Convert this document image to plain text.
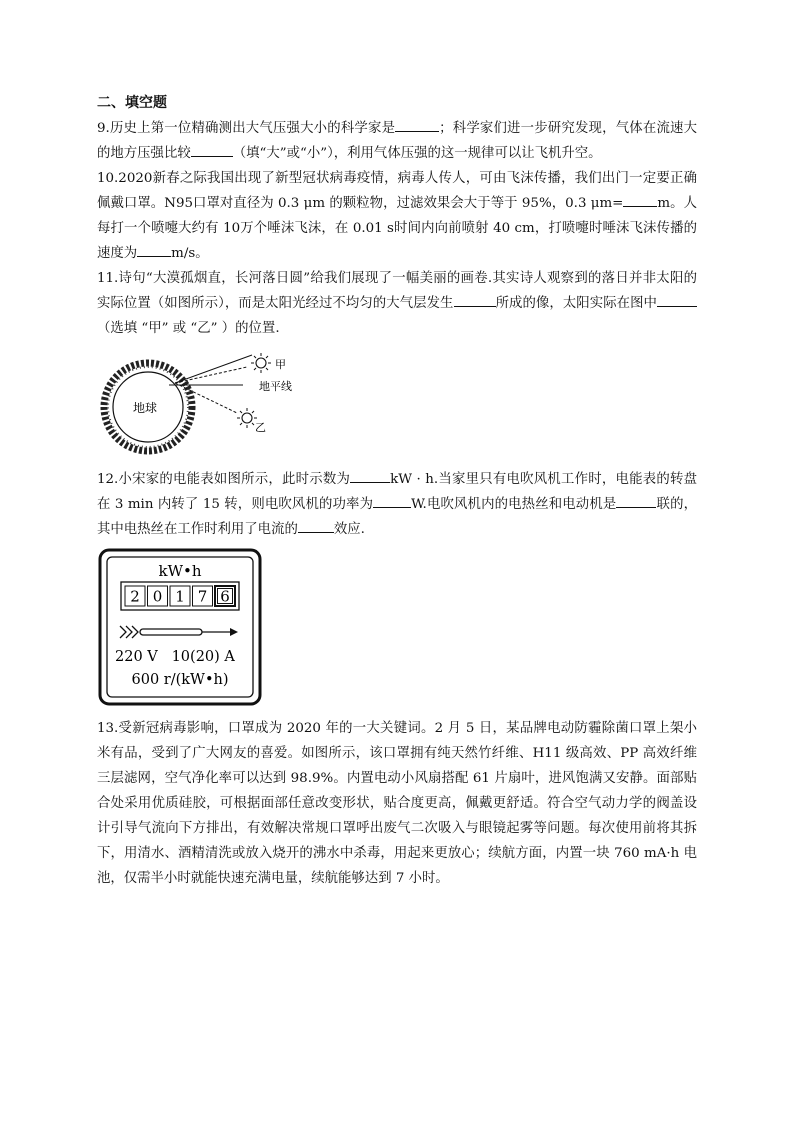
二、填空题

9.历史上第一位精确测出大气压强大小的科学家是	；科学家们进一步研究发现，气体在流速大的地方压强比较	（填“大”或“小”），利用气体压强的这一规律可以让飞机升空。

10.2020新春之际我国出现了新型冠状病毒疫情，病毒人传人，可由飞沫传播，我们出门一定要正确佩戴口罩。N95口罩对直径为 0.3 μm 的颗粒物，过滤效果会大于等于 95%，0.3 μm=	m。人每打一个喷嚏大约有 10万个唾沫飞沫，在 0.01 s时间内向前喷射 40 cm，打喷嚏时唾沫飞沫传播的速度为	m/s。

11.诗句“大漠孤烟直，长河落日圆”给我们展现了一幅美丽的画卷.其实诗人观察到的落日并非太阳的实际位置（如图所示），而是太阳光经过不均匀的大气层发生	所成的像，太阳实际在图中（选填 “甲” 或 “乙” ）的位置.

地球
甲
地平线
乙

12.小宋家的电能表如图所示，此时示数为	kW · h.当家里只有电吹风机工作时，电能表的转盘在 3 min 内转了 15 转，则电吹风机的功率为	W.电吹风机内的电热丝和电动机是	联的，其中电热丝在工作时利用了电流的	效应.

kW•h
2 0 1 7 6
220 V   10(20) A
600 r/(kW•h)

13.受新冠病毒影响，口罩成为 2020 年的一大关键词。2 月 5 日，某品牌电动防霾除菌口罩上架小米有品，受到了广大网友的喜爱。如图所示，该口罩拥有纯天然竹纤维、H11 级高效、PP 高效纤维三层滤网，空气净化率可以达到 98.9%。内置电动小风扇搭配 61 片扇叶，进风饱满又安静。面部贴合处采用优质硅胶，可根据面部任意改变形状，贴合度更高，佩戴更舒适。符合空气动力学的阀盖设计引导气流向下方排出，有效解决常规口罩呼出废气二次吸入与眼镜起雾等问题。每次使用前将其拆下，用清水、酒精清洗或放入烧开的沸水中杀毒，用起来更放心；续航方面，内置一块 760 mA·h 电池，仅需半小时就能快速充满电量，续航能够达到 7 小时。
